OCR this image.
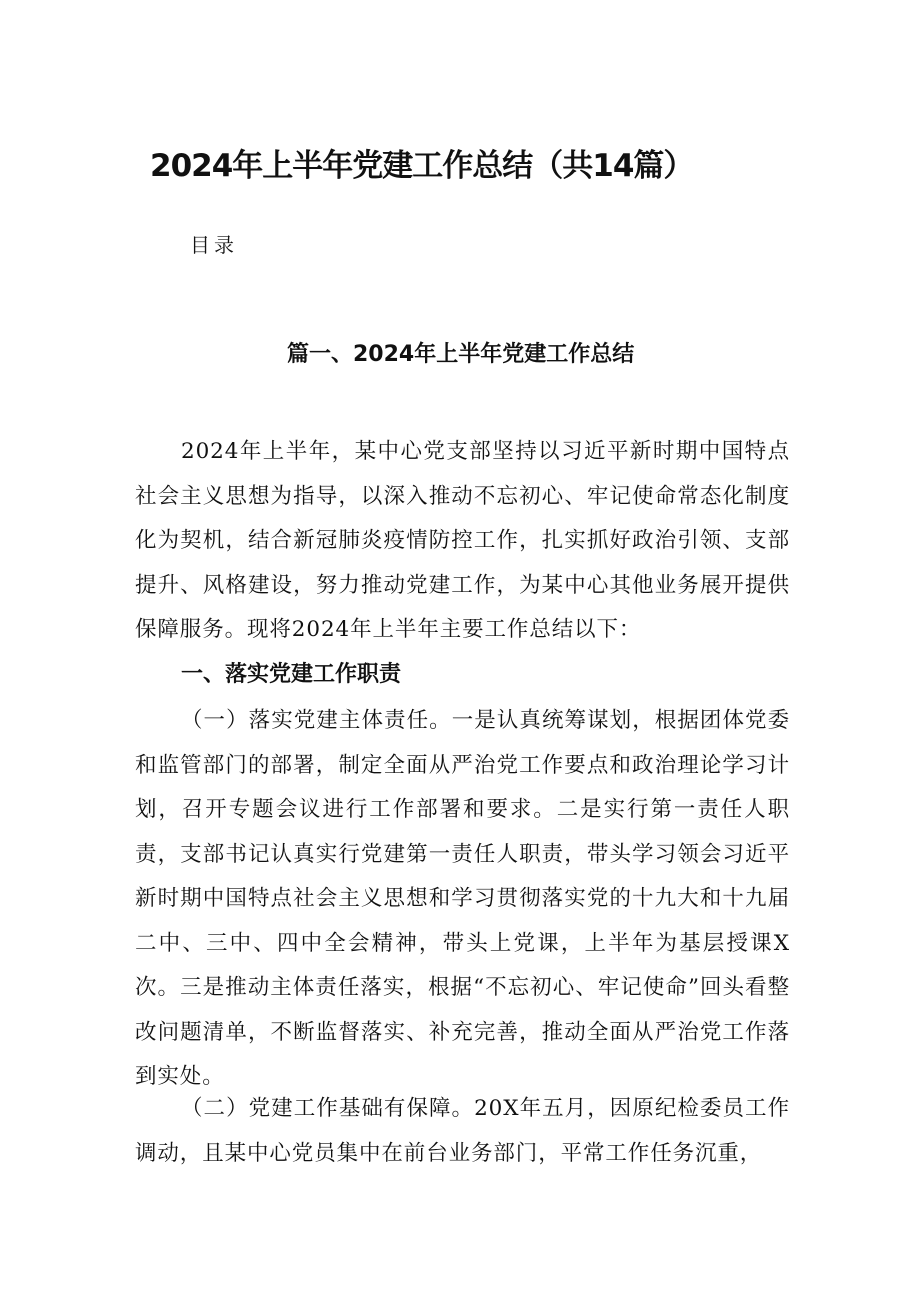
2024年上半年党建工作总结（共14篇）
目录
篇一、2024年上半年党建工作总结

2024年上半年，某中心党支部坚持以习近平新时期中国特点社会主义思想为指导，以深入推动不忘初心、牢记使命常态化制度化为契机，结合新冠肺炎疫情防控工作，扎实抓好政治引领、支部提升、风格建设，努力推动党建工作，为某中心其他业务展开提供保障服务。现将2024年上半年主要工作总结以下：

一、落实党建工作职责

（一）落实党建主体责任。一是认真统筹谋划，根据团体党委和监管部门的部署，制定全面从严治党工作要点和政治理论学习计划，召开专题会议进行工作部署和要求。二是实行第一责任人职责，支部书记认真实行党建第一责任人职责，带头学习领会习近平新时期中国特点社会主义思想和学习贯彻落实党的十九大和十九届二中、三中、四中全会精神，带头上党课，上半年为基层授课X次。三是推动主体责任落实，根据“不忘初心、牢记使命”回头看整改问题清单，不断监督落实、补充完善，推动全面从严治党工作落到实处。

（二）党建工作基础有保障。20X年五月，因原纪检委员工作调动，且某中心党员集中在前台业务部门，平常工作任务沉重，
